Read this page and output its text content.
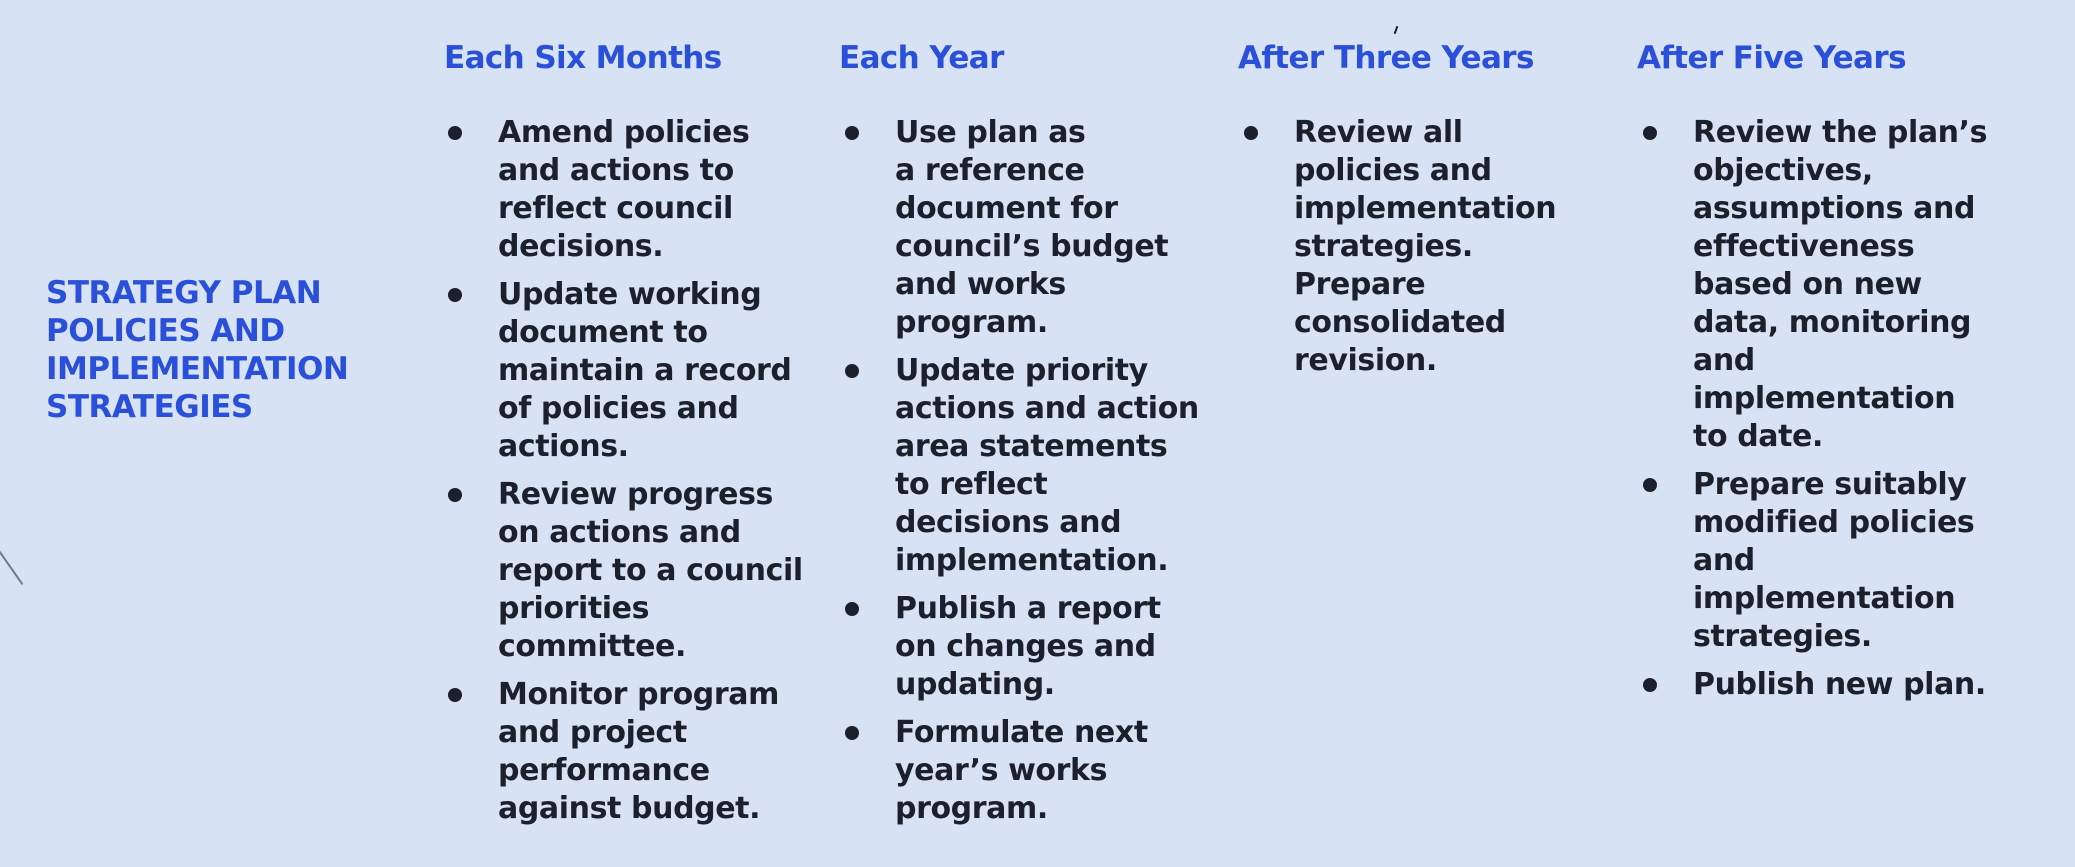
STRATEGY PLAN
POLICIES AND
IMPLEMENTATION
STRATEGIES
Each Six Months
Amend policies
and actions to
reflect council
decisions.
Update working
document to
maintain a record
of policies and
actions.
Review progress
on actions and
report to a council
priorities
committee.
Monitor program
and project
performance
against budget.
Each Year
Use plan as
a reference
document for
council’s budget
and works
program.
Update priority
actions and action
area statements
to reflect
decisions and
implementation.
Publish a report
on changes and
updating.
Formulate next
year’s works
program.
After Three Years
Review all
policies and
implementation
strategies.
Prepare
consolidated
revision.
After Five Years
Review the plan’s
objectives,
assumptions and
effectiveness
based on new
data, monitoring
and
implementation
to date.
Prepare suitably
modified policies
and
implementation
strategies.
Publish new plan.
